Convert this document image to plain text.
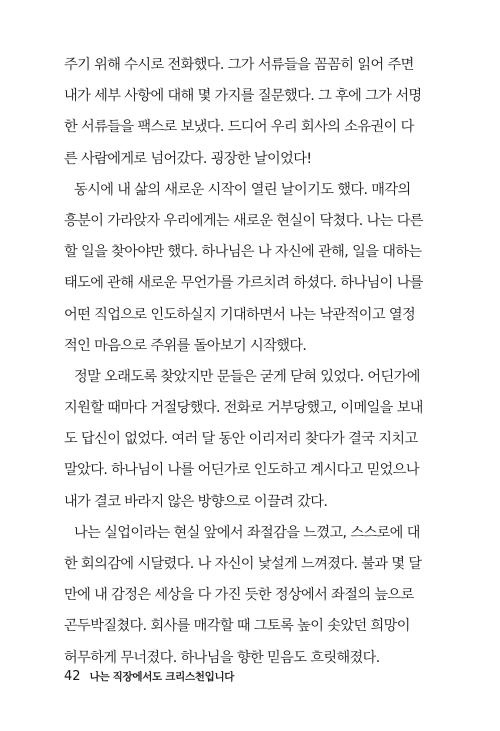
주기 위해 수시로 전화했다. 그가 서류들을 꼼꼼히 읽어 주면
내가 세부 사항에 대해 몇 가지를 질문했다. 그 후에 그가 서명
한 서류들을 팩스로 보냈다. 드디어 우리 회사의 소유권이 다
른 사람에게로 넘어갔다. 굉장한 날이었다!

동시에 내 삶의 새로운 시작이 열린 날이기도 했다. 매각의
흥분이 가라앉자 우리에게는 새로운 현실이 닥쳤다. 나는 다른
할 일을 찾아야만 했다. 하나님은 나 자신에 관해, 일을 대하는
태도에 관해 새로운 무언가를 가르치려 하셨다. 하나님이 나를
어떤 직업으로 인도하실지 기대하면서 나는 낙관적이고 열정
적인 마음으로 주위를 돌아보기 시작했다.

정말 오래도록 찾았지만 문들은 굳게 닫혀 있었다. 어딘가에
지원할 때마다 거절당했다. 전화로 거부당했고, 이메일을 보내
도 답신이 없었다. 여러 달 동안 이리저리 찾다가 결국 지치고
말았다. 하나님이 나를 어딘가로 인도하고 계시다고 믿었으나
내가 결코 바라지 않은 방향으로 이끌려 갔다.

나는 실업이라는 현실 앞에서 좌절감을 느꼈고, 스스로에 대
한 회의감에 시달렸다. 나 자신이 낯설게 느껴졌다. 불과 몇 달
만에 내 감정은 세상을 다 가진 듯한 정상에서 좌절의 늪으로
곤두박질쳤다. 회사를 매각할 때 그토록 높이 솟았던 희망이
허무하게 무너졌다. 하나님을 향한 믿음도 흐릿해졌다.

42 나는 직장에서도 크리스천입니다
